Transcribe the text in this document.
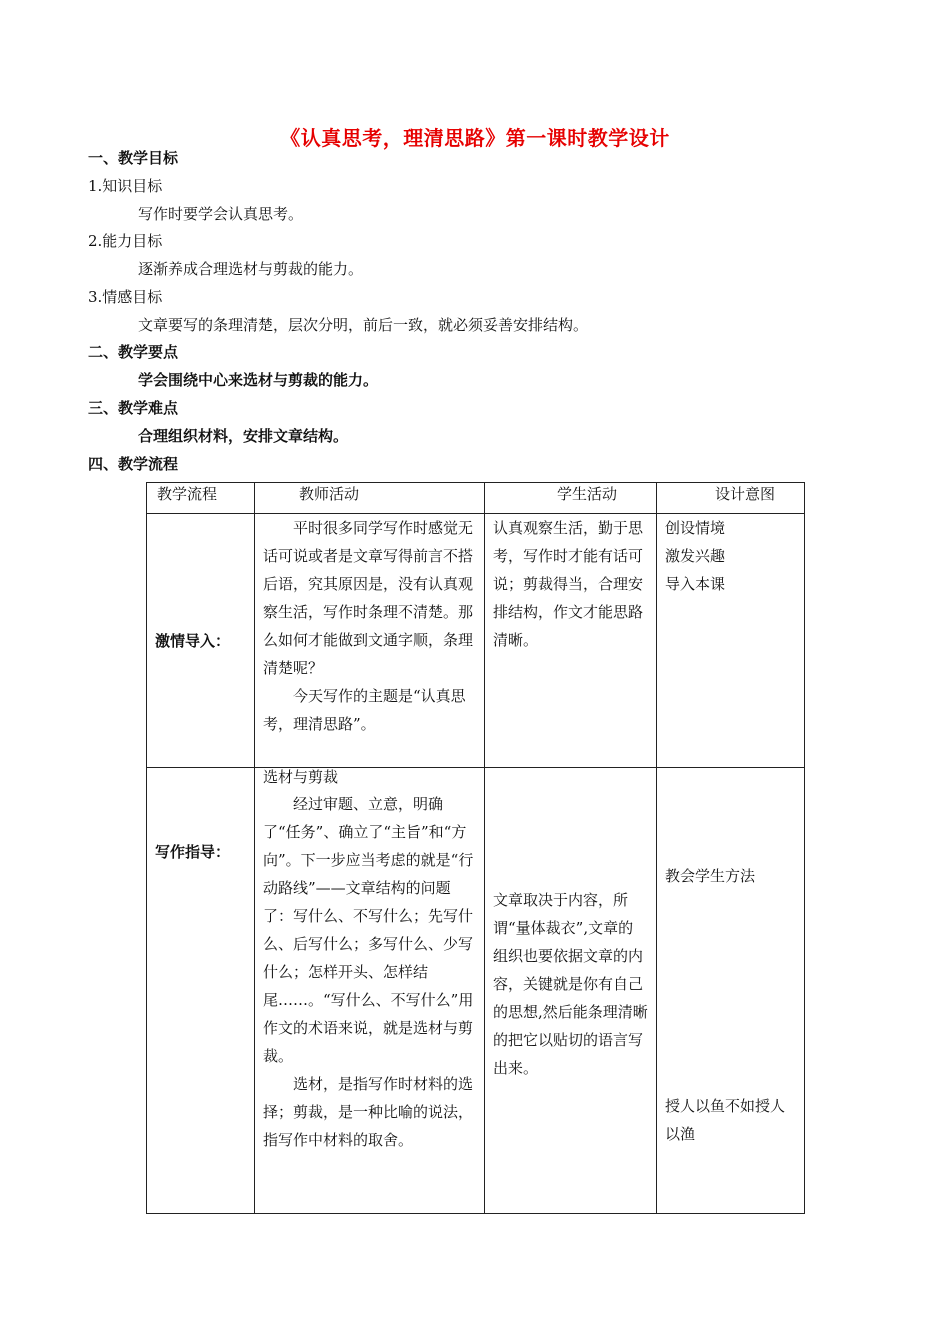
《认真思考，理清思路》第一课时教学设计
一、教学目标
1.知识目标
写作时要学会认真思考。
2.能力目标
逐渐养成合理选材与剪裁的能力。
3.情感目标
文章要写的条理清楚，层次分明，前后一致，就必须妥善安排结构。
二、教学要点
学会围绕中心来选材与剪裁的能力。
三、教学难点
合理组织材料，安排文章结构。
四、教学流程
教学流程	教师活动	学生活动	设计意图
激情导入：	平时很多同学写作时感觉无话可说或者是文章写得前言不搭后语，究其原因是，没有认真观察生活，写作时条理不清楚。那么如何才能做到文通字顺，条理清楚呢？
今天写作的主题是“认真思考，理清思路”。	认真观察生活，勤于思考，写作时才能有话可说；剪裁得当，合理安排结构，作文才能思路清晰。	创设情境
激发兴趣
导入本课

写作指导：	选材与剪裁
经过审题、立意，明确了“任务”、确立了“主旨”和“方向”。下一步应当考虑的就是“行动路线”——文章结构的问题了：写什么、不写什么；先写什么、后写什么；多写什么、少写什么；怎样开头、怎样结尾……。“写什么、不写什么”用作文的术语来说，就是选材与剪裁。
选材，是指写作时材料的选择；剪裁，是一种比喻的说法，指写作中材料的取舍。	文章取决于内容，所谓“量体裁衣”,文章的组织也要依据文章的内容，关键就是你有自己的思想,然后能条理清晰的把它以贴切的语言写出来。	教会学生方法
授人以鱼不如授人以渔
